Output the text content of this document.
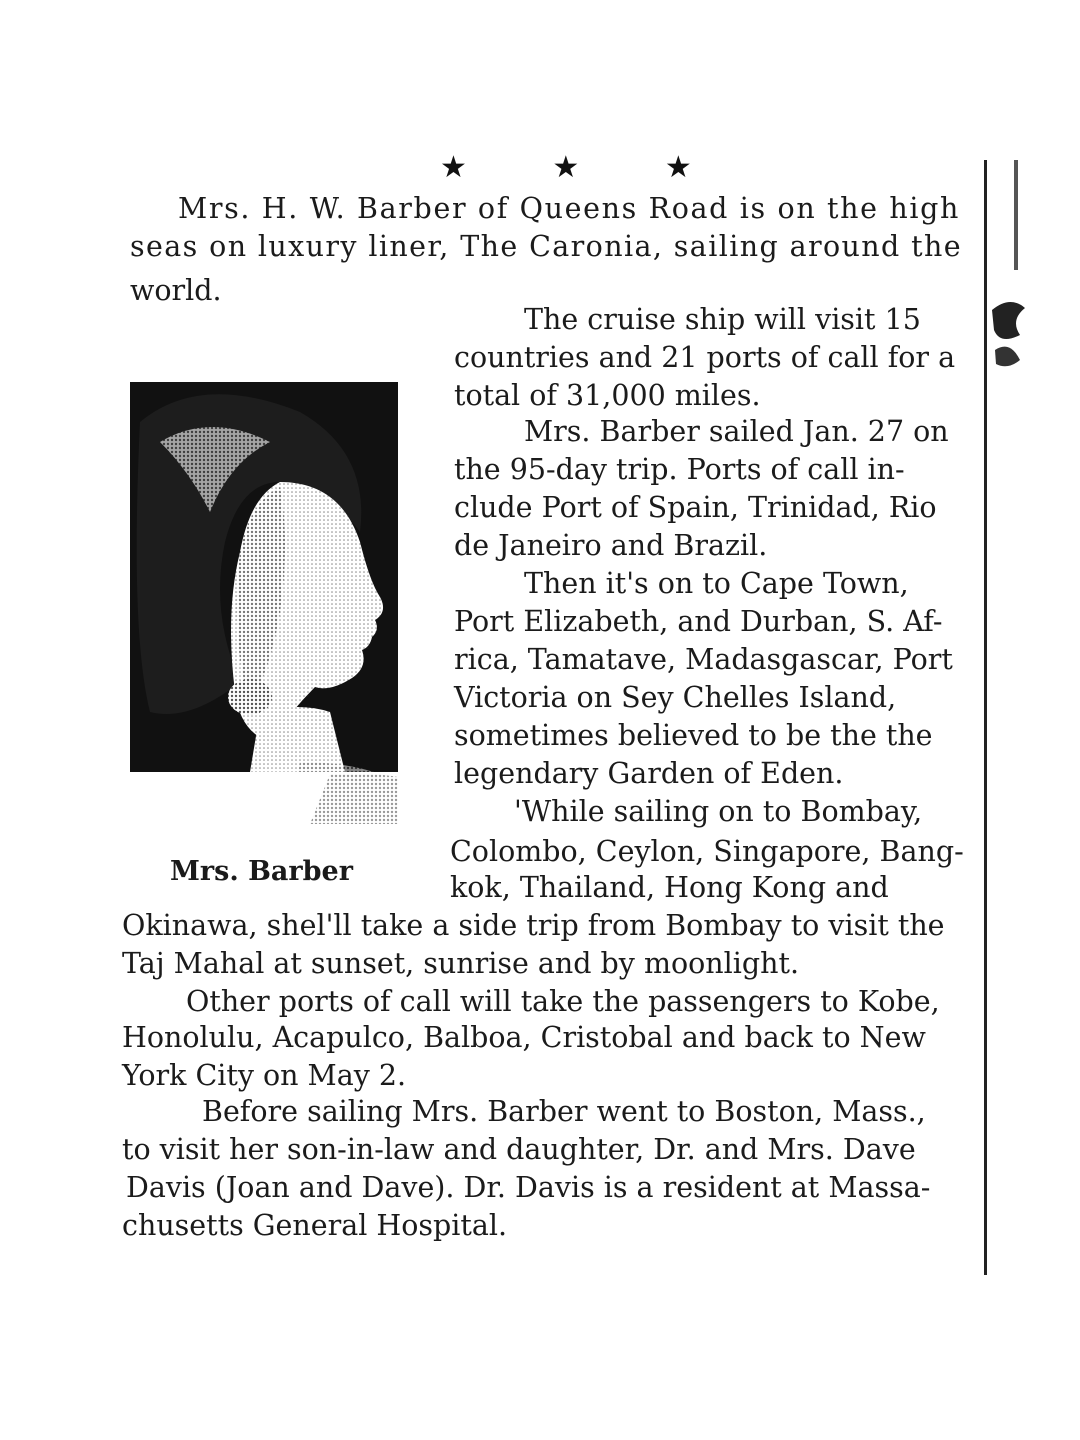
★ ★ ★
Mrs. H. W. Barber of Queens Road is on the high
seas on luxury liner, The Caronia, sailing around the
world.
The cruise ship will visit 15
countries and 21 ports of call for a
total of 31,000 miles.
Mrs. Barber sailed Jan. 27 on
the 95-day trip. Ports of call in-
clude Port of Spain, Trinidad, Rio
de Janeiro and Brazil.
Then it's on to Cape Town,
Port Elizabeth, and Durban, S. Af-
rica, Tamatave, Madasgascar, Port
Victoria on Sey Chelles Island,
sometimes believed to be the the
legendary Garden of Eden.
'While sailing on to Bombay,
Colombo, Ceylon, Singapore, Bang-
kok, Thailand, Hong Kong and
Okinawa, shel'll take a side trip from Bombay to visit the
Taj Mahal at sunset, sunrise and by moonlight.
Other ports of call will take the passengers to Kobe,
Honolulu, Acapulco, Balboa, Cristobal and back to New
York City on May 2.
Before sailing Mrs. Barber went to Boston, Mass.,
to visit her son-in-law and daughter, Dr. and Mrs. Dave
Davis (Joan and Dave). Dr. Davis is a resident at Massa-
chusetts General Hospital.
Mrs. Barber
